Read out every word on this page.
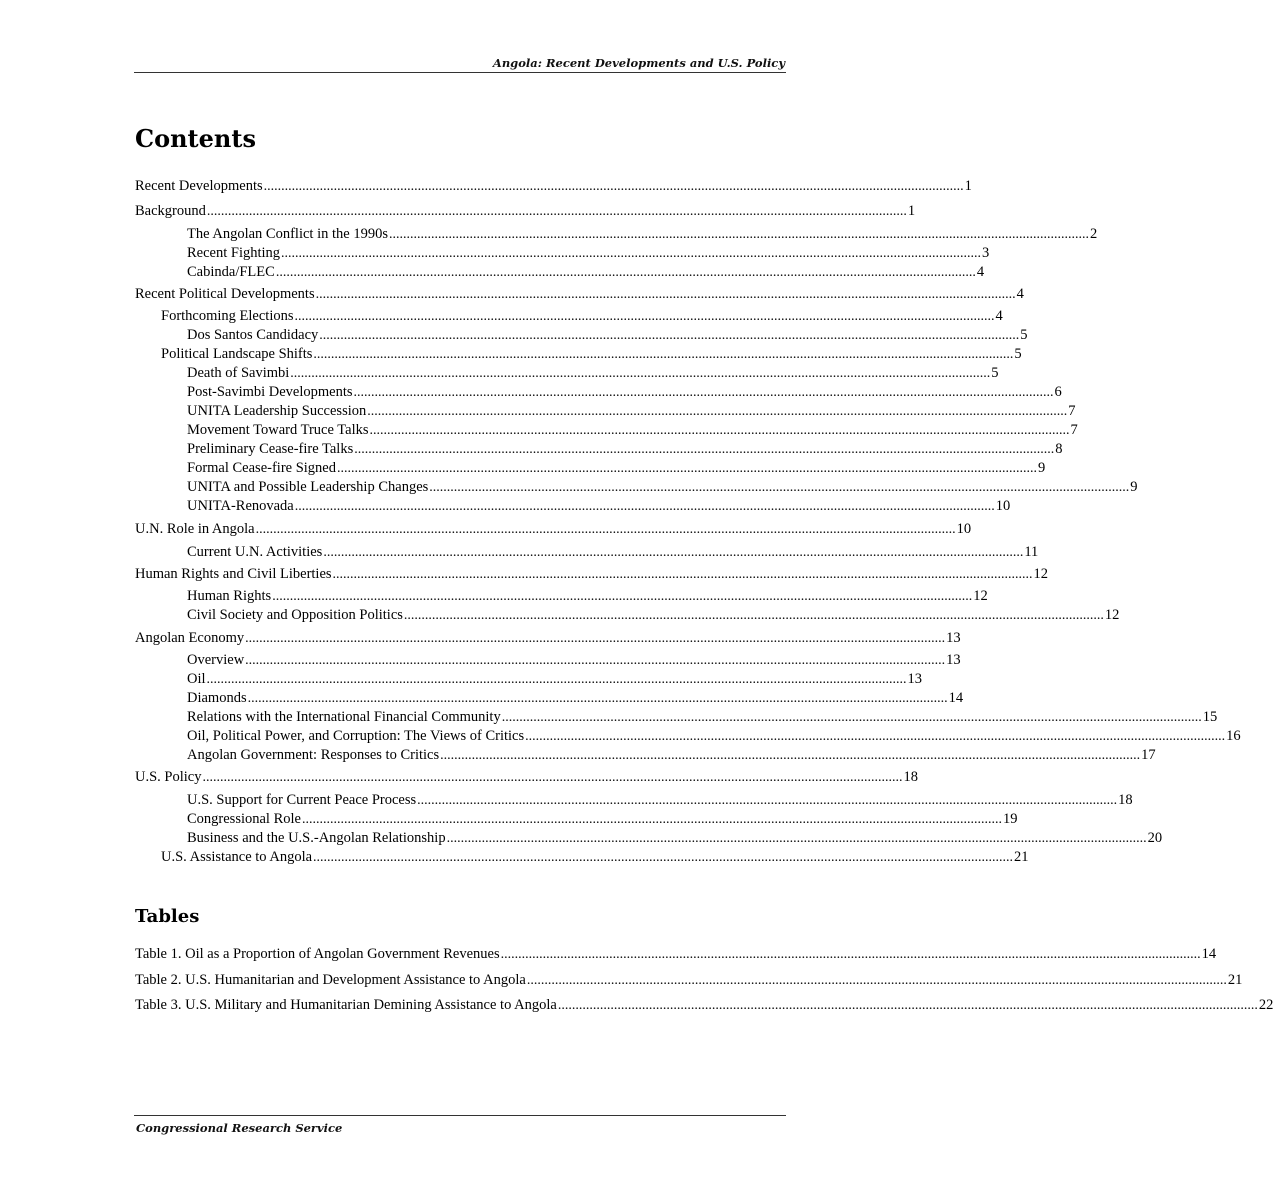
Angola: Recent Developments and U.S. Policy
Contents
Recent Developments ........................................................................................................................................................................................................ 1
Background ........................................................................................................................................................................................................ 1
The Angolan Conflict in the 1990s ........................................................................................................................................................................................................ 2
Recent Fighting ........................................................................................................................................................................................................ 3
Cabinda/FLEC ........................................................................................................................................................................................................ 4
Recent Political Developments ........................................................................................................................................................................................................ 4
Forthcoming Elections ........................................................................................................................................................................................................ 4
Dos Santos Candidacy ........................................................................................................................................................................................................ 5
Political Landscape Shifts ........................................................................................................................................................................................................ 5
Death of Savimbi ........................................................................................................................................................................................................ 5
Post-Savimbi Developments ........................................................................................................................................................................................................ 6
UNITA Leadership Succession ........................................................................................................................................................................................................ 7
Movement Toward Truce Talks ........................................................................................................................................................................................................ 7
Preliminary Cease-fire Talks ........................................................................................................................................................................................................ 8
Formal Cease-fire Signed ........................................................................................................................................................................................................ 9
UNITA and Possible Leadership Changes ........................................................................................................................................................................................................ 9
UNITA-Renovada ........................................................................................................................................................................................................ 10
U.N. Role in Angola ........................................................................................................................................................................................................ 10
Current U.N. Activities ........................................................................................................................................................................................................ 11
Human Rights and Civil Liberties ........................................................................................................................................................................................................ 12
Human Rights ........................................................................................................................................................................................................ 12
Civil Society and Opposition Politics ........................................................................................................................................................................................................ 12
Angolan Economy ........................................................................................................................................................................................................ 13
Overview ........................................................................................................................................................................................................ 13
Oil ........................................................................................................................................................................................................ 13
Diamonds ........................................................................................................................................................................................................ 14
Relations with the International Financial Community ........................................................................................................................................................................................................ 15
Oil, Political Power, and Corruption: The Views of Critics ........................................................................................................................................................................................................ 16
Angolan Government: Responses to Critics ........................................................................................................................................................................................................ 17
U.S. Policy ........................................................................................................................................................................................................ 18
U.S. Support for Current Peace Process ........................................................................................................................................................................................................ 18
Congressional Role ........................................................................................................................................................................................................ 19
Business and the U.S.-Angolan Relationship ........................................................................................................................................................................................................ 20
U.S. Assistance to Angola ........................................................................................................................................................................................................ 21
Tables
Table 1. Oil as a Proportion of Angolan Government Revenues ........................................................................................................................................................................................................ 14
Table 2. U.S. Humanitarian and Development Assistance to Angola ........................................................................................................................................................................................................ 21
Table 3. U.S. Military and Humanitarian Demining Assistance to Angola ........................................................................................................................................................................................................ 22
Congressional Research Service
